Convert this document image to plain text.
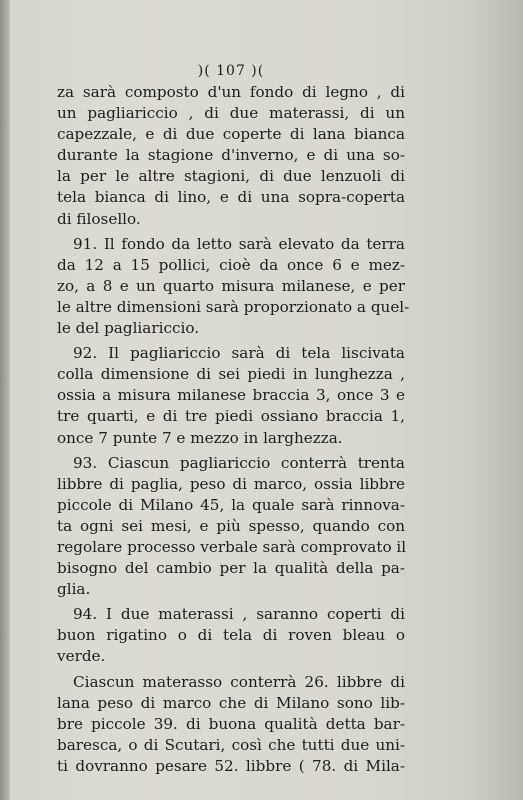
)( 107 )(
za sarà composto d'un fondo di legno , di
un pagliariccio , di due materassi, di un
capezzale, e di due coperte di lana bianca
durante la stagione d'inverno, e di una so-
la per le altre stagioni, di due lenzuoli di
tela bianca di lino, e di una sopra-coperta
di filosello.
91. Il fondo da letto sarà elevato da terra
da 12 a 15 pollici, cioè da once 6 e mez-
zo, a 8 e un quarto misura milanese, e per
le altre dimensioni sarà proporzionato a quel-
le del pagliariccio.
92. Il pagliariccio sarà di tela liscivata
colla dimensione di sei piedi in lunghezza ,
ossia a misura milanese braccia 3, once 3 e
tre quarti, e di tre piedi ossiano braccia 1,
once 7 punte 7 e mezzo in larghezza.
93. Ciascun pagliariccio conterrà trenta
libbre di paglia, peso di marco, ossia libbre
piccole di Milano 45, la quale sarà rinnova-
ta ogni sei mesi, e più spesso, quando con
regolare processo verbale sarà comprovato il
bisogno del cambio per la qualità della pa-
glia.
94. I due materassi , saranno coperti di
buon rigatino o di tela di roven bleau o
verde.
Ciascun materasso conterrà 26. libbre di
lana peso di marco che di Milano sono lib-
bre piccole 39. di buona qualità detta bar-
baresca, o di Scutari, così che tutti due uni-
ti dovranno pesare 52. libbre ( 78. di Mila-
